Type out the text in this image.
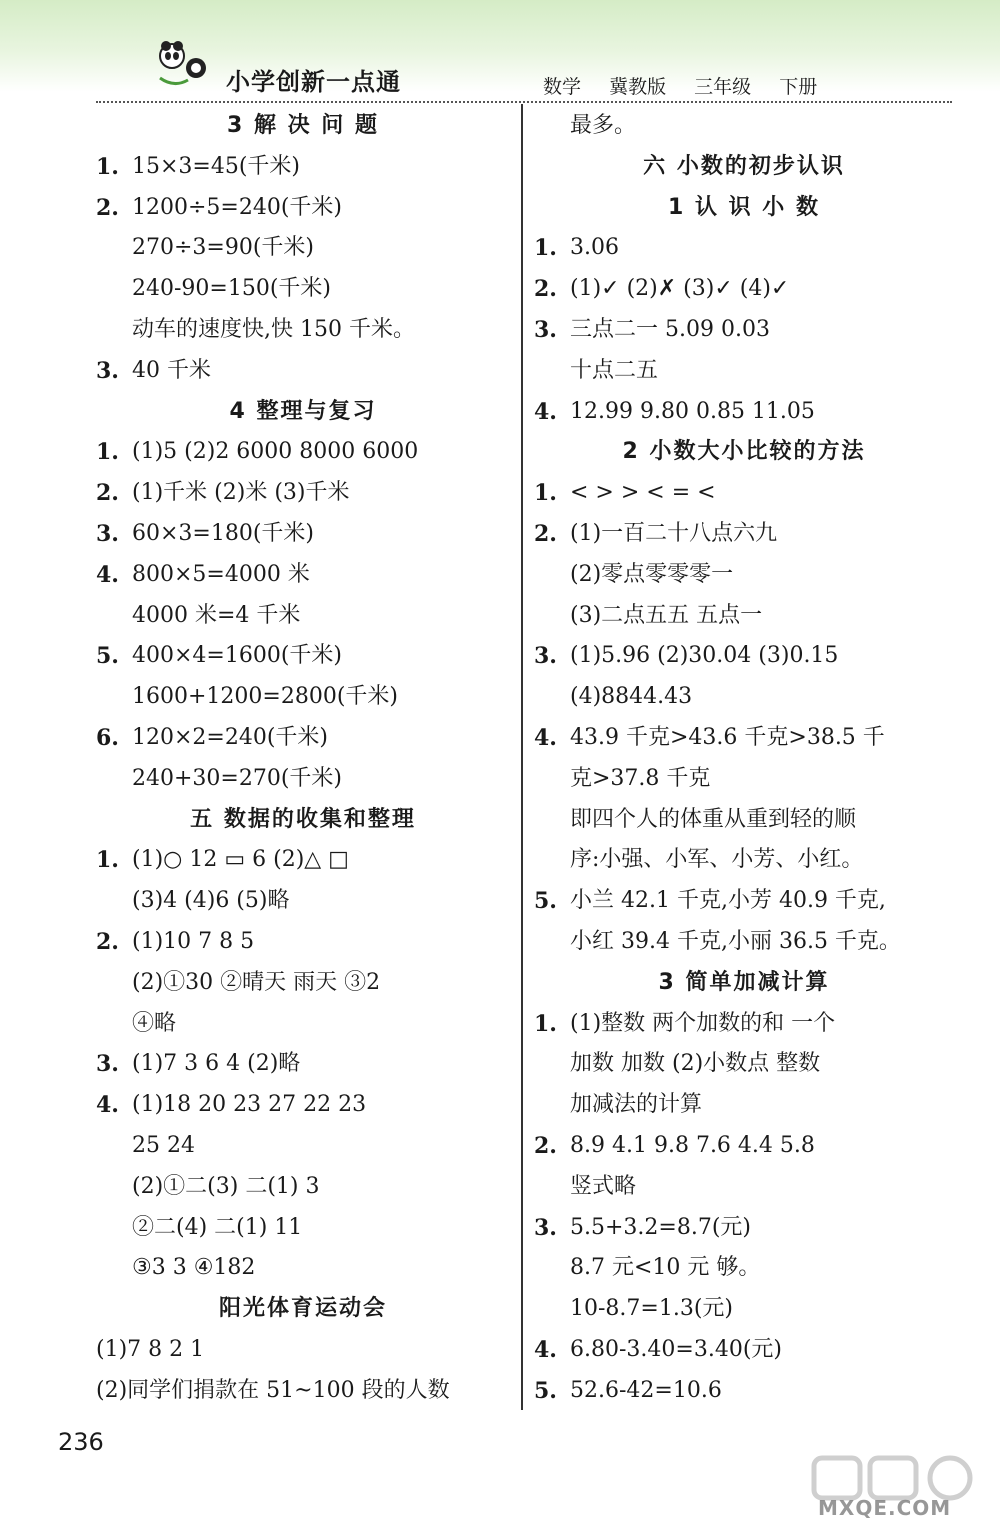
小学创新一点通	数学 冀教版 三年级 下册
3 解 决 问 题
1. 15×3=45(千米)
2. 1200÷5=240(千米)
270÷3=90(千米)
240-90=150(千米)
动车的速度快,快 150 千米。
3. 40 千米
4 整理与复习
1. (1)5 (2)2 6000 8000 6000
2. (1)千米 (2)米 (3)千米
3. 60×3=180(千米)
4. 800×5=4000 米
4000 米=4 千米
5. 400×4=1600(千米)
1600+1200=2800(千米)
6. 120×2=240(千米)
240+30=270(千米)
五 数据的收集和整理
1. (1)○ 12 ▭ 6 (2)△ □
(3)4 (4)6 (5)略
2. (1)10 7 8 5
(2)①30 ②晴天 雨天 ③2
④略
3. (1)7 3 6 4 (2)略
4. (1)18 20 23 27 22 23
25 24
(2)①二(3) 二(1) 3
②二(4) 二(1) 11
③3 3 ④182
阳光体育运动会
(1)7 8 2 1
(2)同学们捐款在 51~100 段的人数
最多。
六 小数的初步认识
1 认 识 小 数
1. 3.06
2. (1)✓ (2)✗ (3)✓ (4)✓
3. 三点二一 5.09 0.03
十点二五
4. 12.99 9.80 0.85 11.05
2 小数大小比较的方法
1. < > > < = <
2. (1)一百二十八点六九
(2)零点零零零一
(3)二点五五 五点一
3. (1)5.96 (2)30.04 (3)0.15
(4)8844.43
4. 43.9 千克>43.6 千克>38.5 千
克>37.8 千克
即四个人的体重从重到轻的顺
序:小强、小军、小芳、小红。
5. 小兰 42.1 千克,小芳 40.9 千克,
小红 39.4 千克,小丽 36.5 千克。
3 简单加减计算
1. (1)整数 两个加数的和 一个
加数 加数 (2)小数点 整数
加减法的计算
2. 8.9 4.1 9.8 7.6 4.4 5.8
竖式略
3. 5.5+3.2=8.7(元)
8.7 元<10 元 够。
10-8.7=1.3(元)
4. 6.80-3.40=3.40(元)
5. 52.6-42=10.6
236
MXQE.COM
